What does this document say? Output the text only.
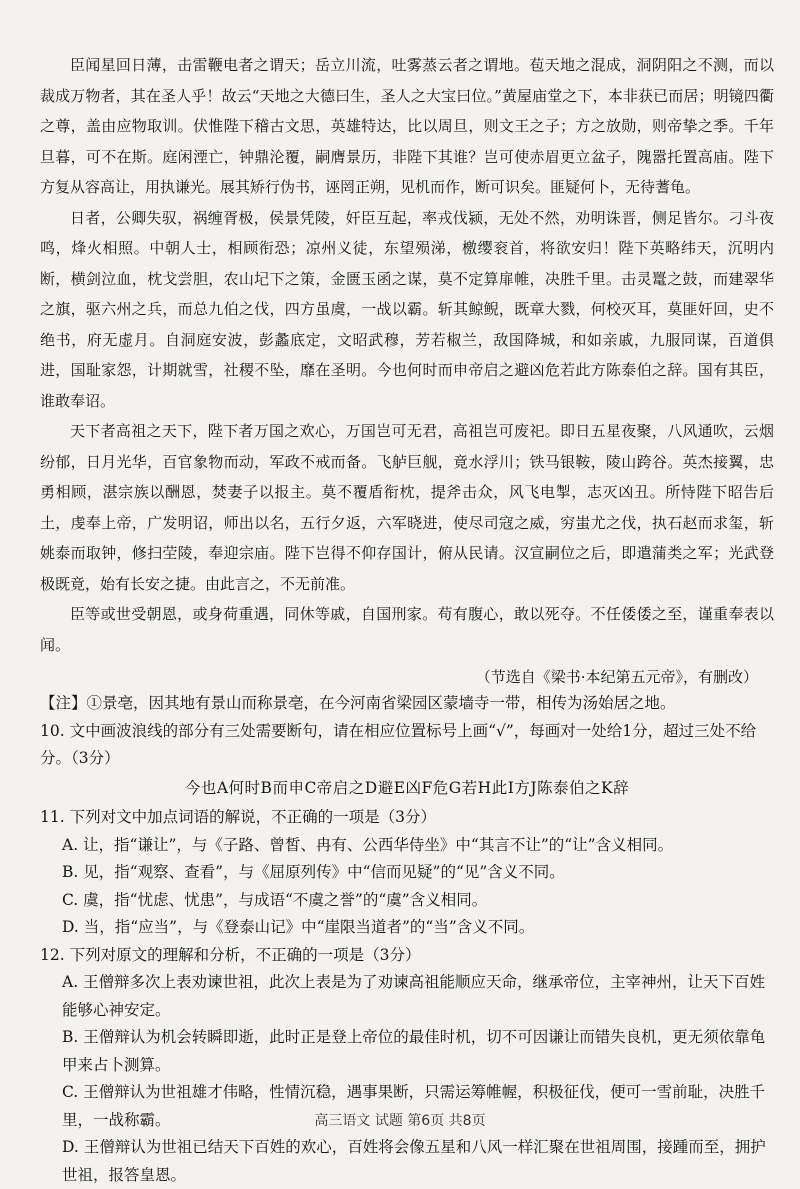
臣闻星回日薄，击雷鞭电者之谓天；岳立川流，吐雾蒸云者之谓地。苞天地之混成，洞阴阳之不测，而以裁成万物者，其在圣人乎！故云“天地之大德曰生，圣人之大宝曰位。”黄屋庙堂之下，本非获已而居；明镜四衢之尊，盖由应物取训。伏惟陛下稽古文思，英雄特达，比以周旦，则文王之子；方之放勋，则帝挚之季。千年旦暮，可不在斯。庭闲湮亡，钟鼎沦覆，嗣膺景历，非陛下其谁？岂可使赤眉更立盆子，隗嚣托置高庙。陛下方复从容高让，用执谦光。展其矫行伪书，诬罔正朔，见机而作，断可识矣。匪疑何卜，无待蓍龟。

日者，公卿失驭，祸缠胥极，侯景凭陵，奸臣互起，率戎伐颍，无处不然，劝明诛晋，侧足皆尔。刁斗夜鸣，烽火相照。中朝人士，相顾衔恐；凉州义徒，东望殒涕，檄缨衮首，将欲安归！陛下英略纬天，沉明内断，横剑泣血，枕戈尝胆，农山圮下之策，金匮玉函之谋，莫不定算扉帷，决胜千里。击灵鼍之鼓，而建翠华之旗，驱六州之兵，而总九伯之伐，四方虽虞，一战以霸。斩其鲸鲵，既章大戮，何校灭耳，莫匪奸回，史不绝书，府无虚月。自洞庭安波，彭蠡底定，文昭武穆，芳若椒兰，敌国降城，和如亲戚，九服同谋，百道俱进，国耻家怨，计期就雪，社稷不坠，靡在圣明。今也何时而申帝启之避凶危若此方陈泰伯之辞。国有其臣，谁敢奉诏。

天下者高祖之天下，陛下者万国之欢心，万国岂可无君，高祖岂可废祀。即日五星夜聚，八风通吹，云烟纷郁，日月光华，百官象物而动，军政不戒而备。飞舻巨舰，竟水浮川；铁马银鞍，陵山跨谷。英杰接翼，忠勇相顾，湛宗族以酬恩，焚妻子以报主。莫不覆盾衔枕，提斧击众，风飞电掣，志灭凶丑。所恃陛下昭告后土，虔奉上帝，广发明诏，师出以名，五行夕返，六军晓进，使尽司寇之威，穷蚩尤之伐，执石赵而求玺，斩姚泰而取钟，修扫茔陵，奉迎宗庙。陛下岂得不仰存国计，俯从民请。汉宣嗣位之后，即遣蒲类之军；光武登极既竟，始有长安之捷。由此言之，不无前准。

臣等或世受朝恩，或身荷重遇，同休等戚，自国刑家。苟有腹心，敢以死夺。不任倭倭之至，谨重奉表以闻。

（节选自《梁书·本纪第五元帝》，有删改）

【注】①景亳，因其地有景山而称景亳，在今河南省梁园区蒙墙寺一带，相传为汤始居之地。

10. 文中画波浪线的部分有三处需要断句，请在相应位置标号上画“√”，每画对一处给1分，超过三处不给分。（3分）

今也A何时B而申C帝启之D避E凶F危G若H此I方J陈泰伯之K辞

11. 下列对文中加点词语的解说，不正确的一项是（3分）

A. 让，指“谦让”，与《子路、曾皙、冉有、公西华侍坐》中“其言不让”的“让”含义相同。

B. 见，指“观察、查看”，与《屈原列传》中“信而见疑”的“见”含义不同。

C. 虞，指“忧虑、忧患”，与成语“不虞之誉”的“虞”含义相同。

D. 当，指“应当”，与《登泰山记》中“崖限当道者”的“当”含义不同。

12. 下列对原文的理解和分析，不正确的一项是（3分）

A. 王僧辩多次上表劝谏世祖，此次上表是为了劝谏高祖能顺应天命，继承帝位，主宰神州，让天下百姓能够心神安定。

B. 王僧辩认为机会转瞬即逝，此时正是登上帝位的最佳时机，切不可因谦让而错失良机，更无须依靠龟甲来占卜测算。

C. 王僧辩认为世祖雄才伟略，性情沉稳，遇事果断，只需运筹帷幄，积极征伐，便可一雪前耻，决胜千里，一战称霸。

D. 王僧辩认为世祖已结天下百姓的欢心，百姓将会像五星和八风一样汇聚在世祖周围，接踵而至，拥护世祖，报答皇恩。

高三语文 试题 第6页 共8页
